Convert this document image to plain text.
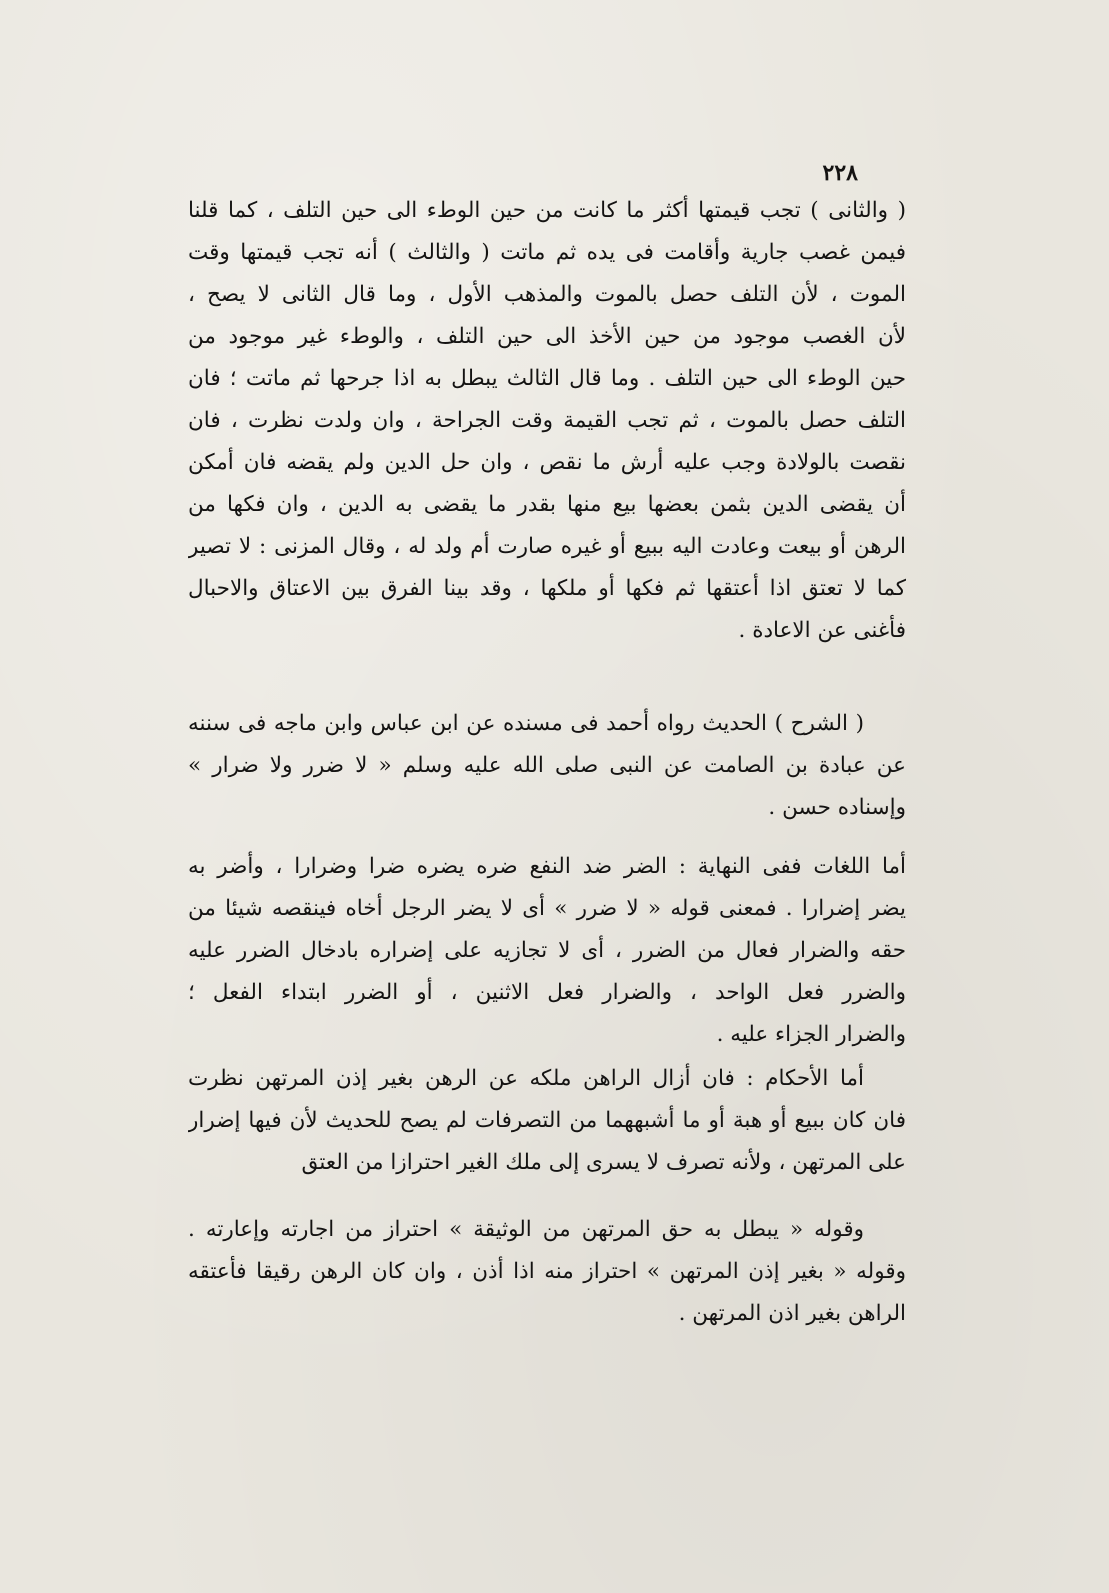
٢٢٨
( والثانى ) تجب قيمتها أكثر ما كانت من حين الوطء الى حين التلف ، كما قلنا
فيمن غصب جارية وأقامت فى يده ثم ماتت ( والثالث ) أنه تجب قيمتها وقت
الموت ، لأن التلف حصل بالموت والمذهب الأول ، وما قال الثانى لا يصح ،
لأن الغصب موجود من حين الأخذ الى حين التلف ، والوطء غير موجود من
حين الوطء الى حين التلف . وما قال الثالث يبطل به اذا جرحها ثم ماتت ؛ فان
التلف حصل بالموت ، ثم تجب القيمة وقت الجراحة ، وان ولدت نظرت ، فان
نقصت بالولادة وجب عليه أرش ما نقص ، وان حل الدين ولم يقضه فان أمكن
أن يقضى الدين بثمن بعضها بيع منها بقدر ما يقضى به الدين ، وان فكها من
الرهن أو بيعت وعادت اليه ببيع أو غيره صارت أم ولد له ، وقال المزنى : لا تصير
كما لا تعتق اذا أعتقها ثم فكها أو ملكها ، وقد بينا الفرق بين الاعتاق والاحبال
فأغنى عن الاعادة .
( الشرح ) الحديث رواه أحمد فى مسنده عن ابن عباس وابن ماجه فى سننه
عن عبادة بن الصامت عن النبى صلى الله عليه وسلم « لا ضرر ولا ضرار »
وإسناده حسن .
أما اللغات ففى النهاية : الضر ضد النفع ضره يضره ضرا وضرارا ، وأضر به
يضر إضرارا . فمعنى قوله « لا ضرر » أى لا يضر الرجل أخاه فينقصه شيئا من
حقه والضرار فعال من الضرر ، أى لا تجازيه على إضراره بادخال الضرر عليه
والضرر فعل الواحد ، والضرار فعل الاثنين ، أو الضرر ابتداء الفعل ؛
والضرار الجزاء عليه .
أما الأحكام : فان أزال الراهن ملكه عن الرهن بغير إذن المرتهن نظرت
فان كان ببيع أو هبة أو ما أشبههما من التصرفات لم يصح للحديث لأن فيها إضرار
على المرتهن ، ولأنه تصرف لا يسرى إلى ملك الغير احترازا من العتق
وقوله « يبطل به حق المرتهن من الوثيقة » احتراز من اجارته وإعارته .
وقوله « بغير إذن المرتهن » احتراز منه اذا أذن ، وان كان الرهن رقيقا فأعتقه
الراهن بغير اذن المرتهن .
